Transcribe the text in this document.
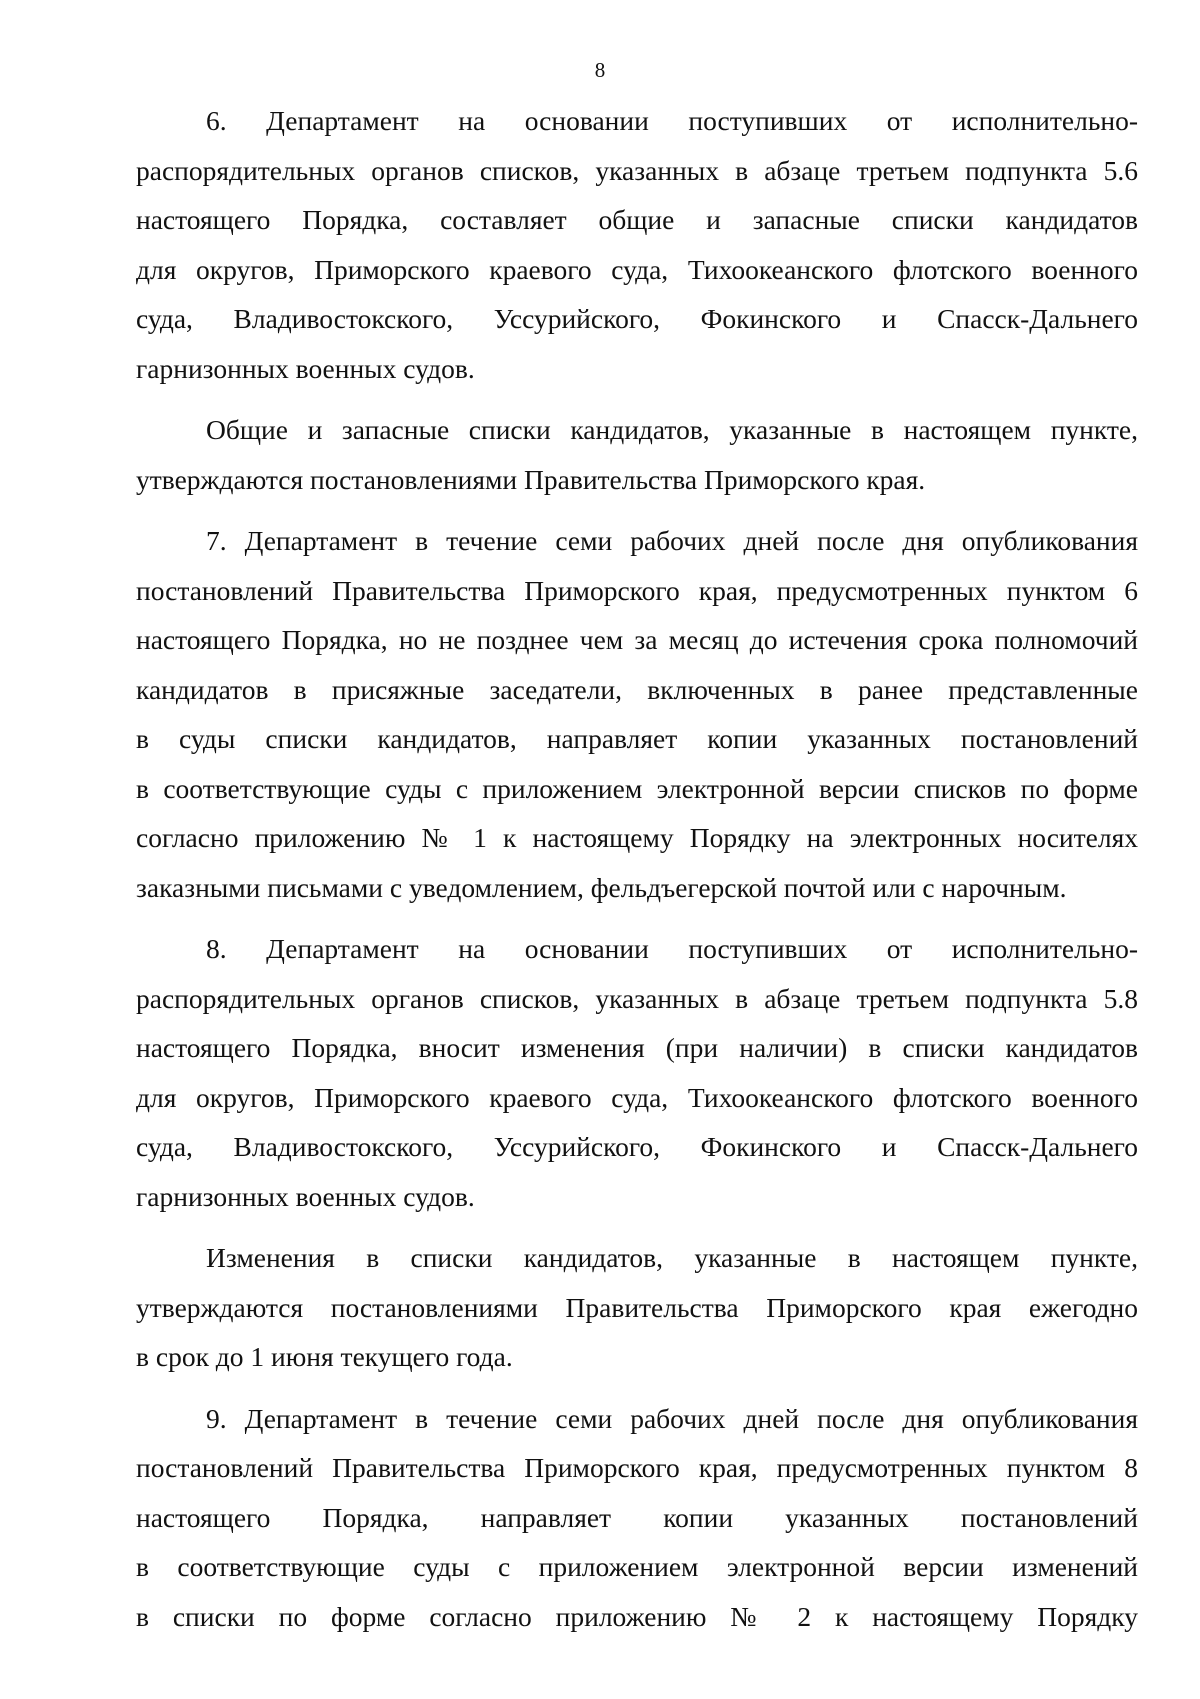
8

6. Департамент на основании поступивших от исполнительно-
распорядительных органов списков, указанных в абзаце третьем подпункта 5.6
настоящего Порядка, составляет общие и запасные списки кандидатов
для округов, Приморского краевого суда, Тихоокеанского флотского военного
суда, Владивостокского, Уссурийского, Фокинского и Спасск-Дальнего
гарнизонных военных судов.

Общие и запасные списки кандидатов, указанные в настоящем пункте,
утверждаются постановлениями Правительства Приморского края.

7. Департамент в течение семи рабочих дней после дня опубликования
постановлений Правительства Приморского края, предусмотренных пунктом 6
настоящего Порядка, но не позднее чем за месяц до истечения срока полномочий
кандидатов в присяжные заседатели, включенных в ранее представленные
в суды списки кандидатов, направляет копии указанных постановлений
в соответствующие суды с приложением электронной версии списков по форме
согласно приложению № 1 к настоящему Порядку на электронных носителях
заказными письмами с уведомлением, фельдъегерской почтой или с нарочным.

8. Департамент на основании поступивших от исполнительно-
распорядительных органов списков, указанных в абзаце третьем подпункта 5.8
настоящего Порядка, вносит изменения (при наличии) в списки кандидатов
для округов, Приморского краевого суда, Тихоокеанского флотского военного
суда, Владивостокского, Уссурийского, Фокинского и Спасск-Дальнего
гарнизонных военных судов.

Изменения в списки кандидатов, указанные в настоящем пункте,
утверждаются постановлениями Правительства Приморского края ежегодно
в срок до 1 июня текущего года.

9. Департамент в течение семи рабочих дней после дня опубликования
постановлений Правительства Приморского края, предусмотренных пунктом 8
настоящего Порядка, направляет копии указанных постановлений
в соответствующие суды с приложением электронной версии изменений
в списки по форме согласно приложению № 2 к настоящему Порядку
